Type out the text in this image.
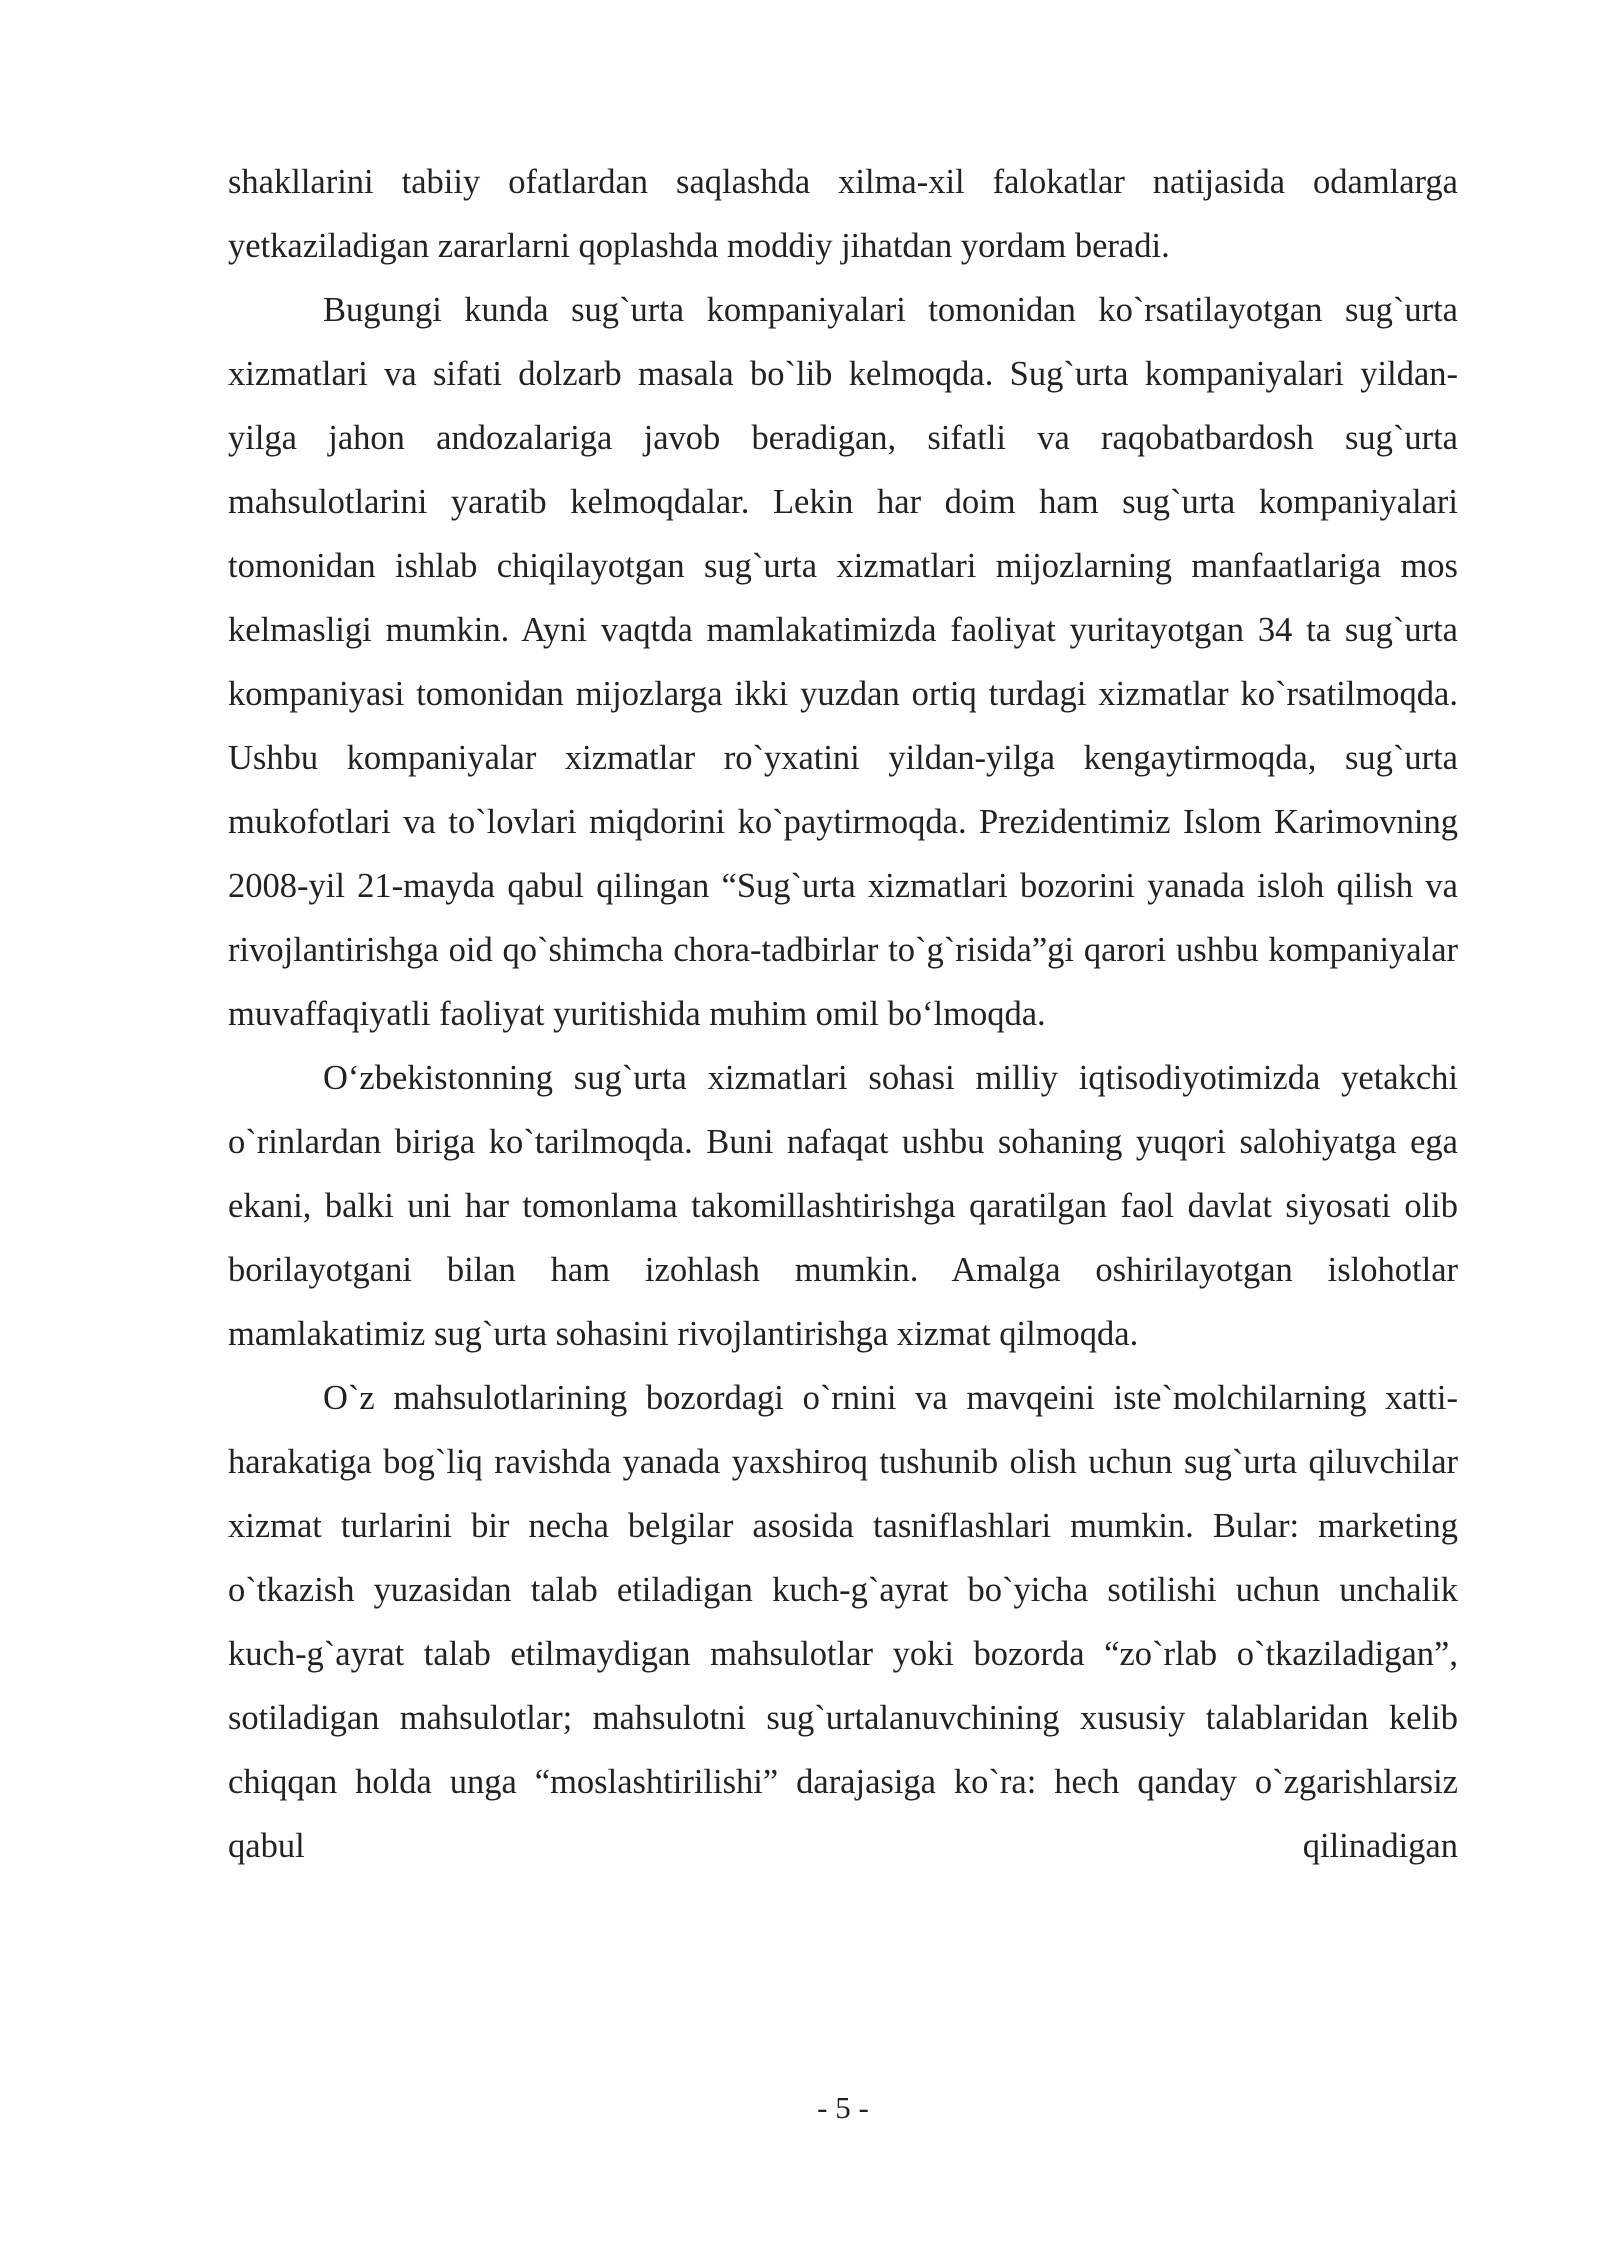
shakllarini tabiiy ofatlardan saqlashda xilma-xil falokatlar natijasida odamlarga yetkaziladigan zararlarni qoplashda moddiy jihatdan yordam beradi.

Bugungi kunda sug`urta kompaniyalari tomonidan ko`rsatilayotgan sug`urta xizmatlari va sifati dolzarb masala bo`lib kelmoqda. Sug`urta kompaniyalari yildan-yilga jahon andozalariga javob beradigan, sifatli va raqobatbardosh sug`urta mahsulotlarini yaratib kelmoqdalar. Lekin har doim ham sug`urta kompaniyalari tomonidan ishlab chiqilayotgan sug`urta xizmatlari mijozlarning manfaatlariga mos kelmasligi mumkin. Ayni vaqtda mamlakatimizda faoliyat yuritayotgan 34 ta sug`urta kompaniyasi tomonidan mijozlarga ikki yuzdan ortiq turdagi xizmatlar ko`rsatilmoqda. Ushbu kompaniyalar xizmatlar ro`yxatini yildan-yilga kengaytirmoqda, sug`urta mukofotlari va to`lovlari miqdorini ko`paytirmoqda. Prezidentimiz Islom Karimovning 2008-yil 21-mayda qabul qilingan “Sug`urta xizmatlari bozorini yanada isloh qilish va rivojlantirishga oid qo`shimcha chora-tadbirlar to`g`risida”gi qarori ushbu kompaniyalar muvaffaqiyatli faoliyat yuritishida muhim omil bo‘lmoqda.

O‘zbekistonning sug`urta xizmatlari sohasi milliy iqtisodiyotimizda yetakchi o`rinlardan biriga ko`tarilmoqda. Buni nafaqat ushbu sohaning yuqori salohiyatga ega ekani, balki uni har tomonlama takomillashtirishga qaratilgan faol davlat siyosati olib borilayotgani bilan ham izohlash mumkin. Amalga oshirilayotgan islohotlar mamlakatimiz sug`urta sohasini rivojlantirishga xizmat qilmoqda.

O`z mahsulotlarining bozordagi o`rnini va mavqeini iste`molchilarning xatti-harakatiga bog`liq ravishda yanada yaxshiroq tushunib olish uchun sug`urta qiluvchilar xizmat turlarini bir necha belgilar asosida tasniflashlari mumkin. Bular: marketing o`tkazish yuzasidan talab etiladigan kuch-g`ayrat bo`yicha sotilishi uchun unchalik kuch-g`ayrat talab etilmaydigan mahsulotlar yoki bozorda “zo`rlab o`tkaziladigan”, sotiladigan mahsulotlar; mahsulotni sug`urtalanuvchining xususiy talablaridan kelib chiqqan holda unga “moslashtirilishi” darajasiga ko`ra: hech qanday o`zgarishlarsiz qabul qilinadigan

- 5 -
